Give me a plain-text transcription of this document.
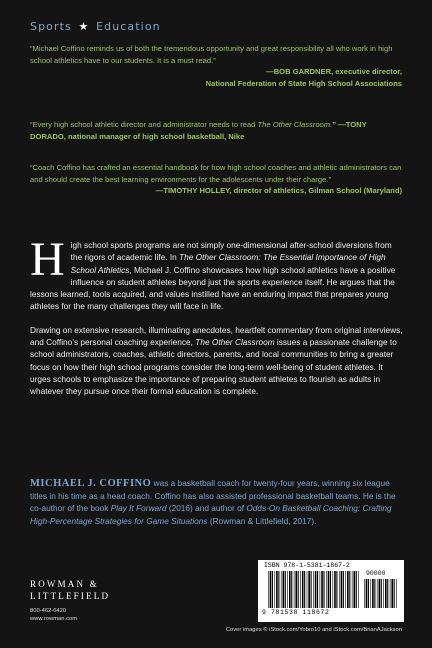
Sports ★ Education
“Michael Coffino reminds us of both the tremendous opportunity and great responsibility all who work in high school athletics have to our students. It is a must read.”
—BOB GARDNER, executive director,
National Federation of State High School Associations
“Every high school athletic director and administrator needs to read The Other Classroom.” —TONY DORADO, national manager of high school basketball, Nike
“Coach Coffino has crafted an essential handbook for how high school coaches and athletic administrators can and should create the best learning environments for the adolescents under their charge.”
—TIMOTHY HOLLEY, director of athletics, Gilman School (Maryland)

High school sports programs are not simply one-dimensional after-school diversions from the rigors of academic life. In The Other Classroom: The Essential Importance of High School Athletics, Michael J. Coffino showcases how high school athletics have a positive influence on student athletes beyond just the sports experience itself. He argues that the lessons learned, tools acquired, and values instilled have an enduring impact that prepares young athletes for the many challenges they will face in life.

Drawing on extensive research, illuminating anecdotes, heartfelt commentary from original interviews, and Coffino’s personal coaching experience, The Other Classroom issues a passionate challenge to school administrators, coaches, athletic directors, parents, and local communities to bring a greater focus on how their high school programs consider the long-term well-being of student athletes. It urges schools to emphasize the importance of preparing student athletes to flourish as adults in whatever they pursue once their formal education is complete.

MICHAEL J. COFFINO was a basketball coach for twenty-four years, winning six league titles in his time as a head coach. Coffino has also assisted professional basketball teams. He is the co-author of the book Play It Forward (2016) and author of Odds-On Basketball Coaching: Crafting High-Percentage Strategies for Game Situations (Rowman & Littlefield, 2017).
ROWMAN &
LITTLEFIELD
800-462-6420
www.rowman.com
ISBN 978-1-5381-1867-2
90000
9 781538 118672
Cover images © iStock.com/Yobro10 and iStock.com/BrianAJackson
